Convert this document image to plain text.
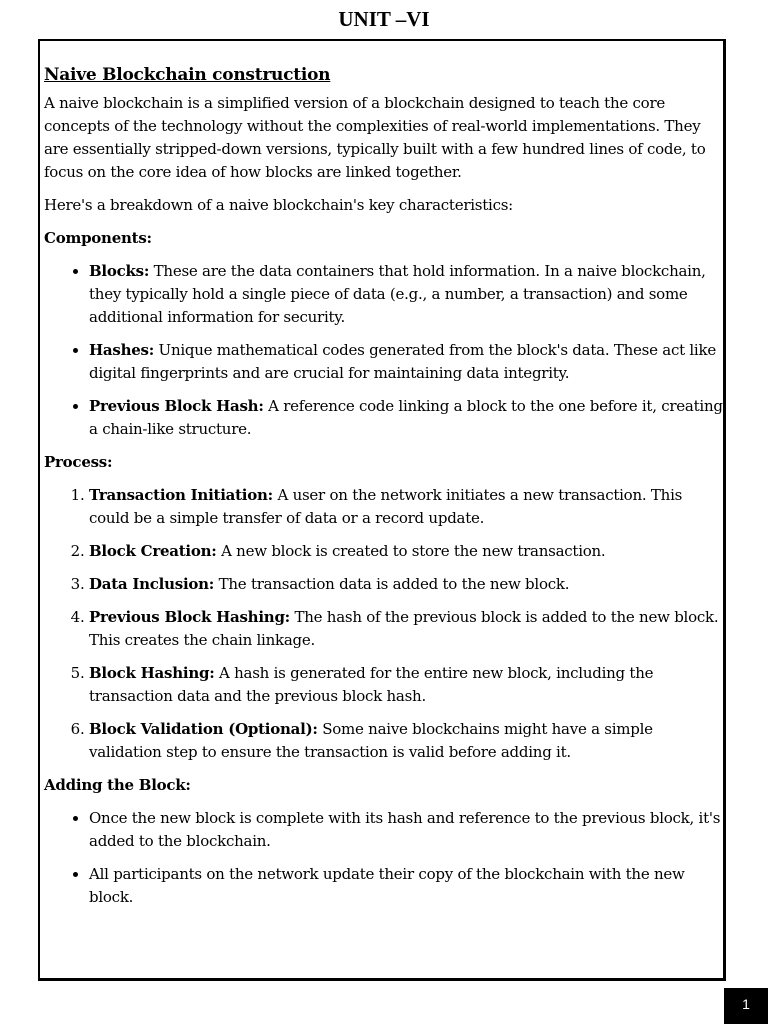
UNIT –VI
Naive Blockchain construction

A naive blockchain is a simplified version of a blockchain designed to teach the core concepts of the technology without the complexities of real-world implementations. They are essentially stripped-down versions, typically built with a few hundred lines of code, to focus on the core idea of how blocks are linked together.

Here's a breakdown of a naive blockchain's key characteristics:

Components:
• Blocks: These are the data containers that hold information. In a naive blockchain, they typically hold a single piece of data (e.g., a number, a transaction) and some additional information for security.
• Hashes: Unique mathematical codes generated from the block's data. These act like digital fingerprints and are crucial for maintaining data integrity.
• Previous Block Hash: A reference code linking a block to the one before it, creating a chain-like structure.
Process:
1. Transaction Initiation: A user on the network initiates a new transaction. This could be a simple transfer of data or a record update.
2. Block Creation: A new block is created to store the new transaction.
3. Data Inclusion: The transaction data is added to the new block.
4. Previous Block Hashing: The hash of the previous block is added to the new block. This creates the chain linkage.
5. Block Hashing: A hash is generated for the entire new block, including the transaction data and the previous block hash.
6. Block Validation (Optional): Some naive blockchains might have a simple validation step to ensure the transaction is valid before adding it.
Adding the Block:
• Once the new block is complete with its hash and reference to the previous block, it's added to the blockchain.
• All participants on the network update their copy of the blockchain with the new block.
1
